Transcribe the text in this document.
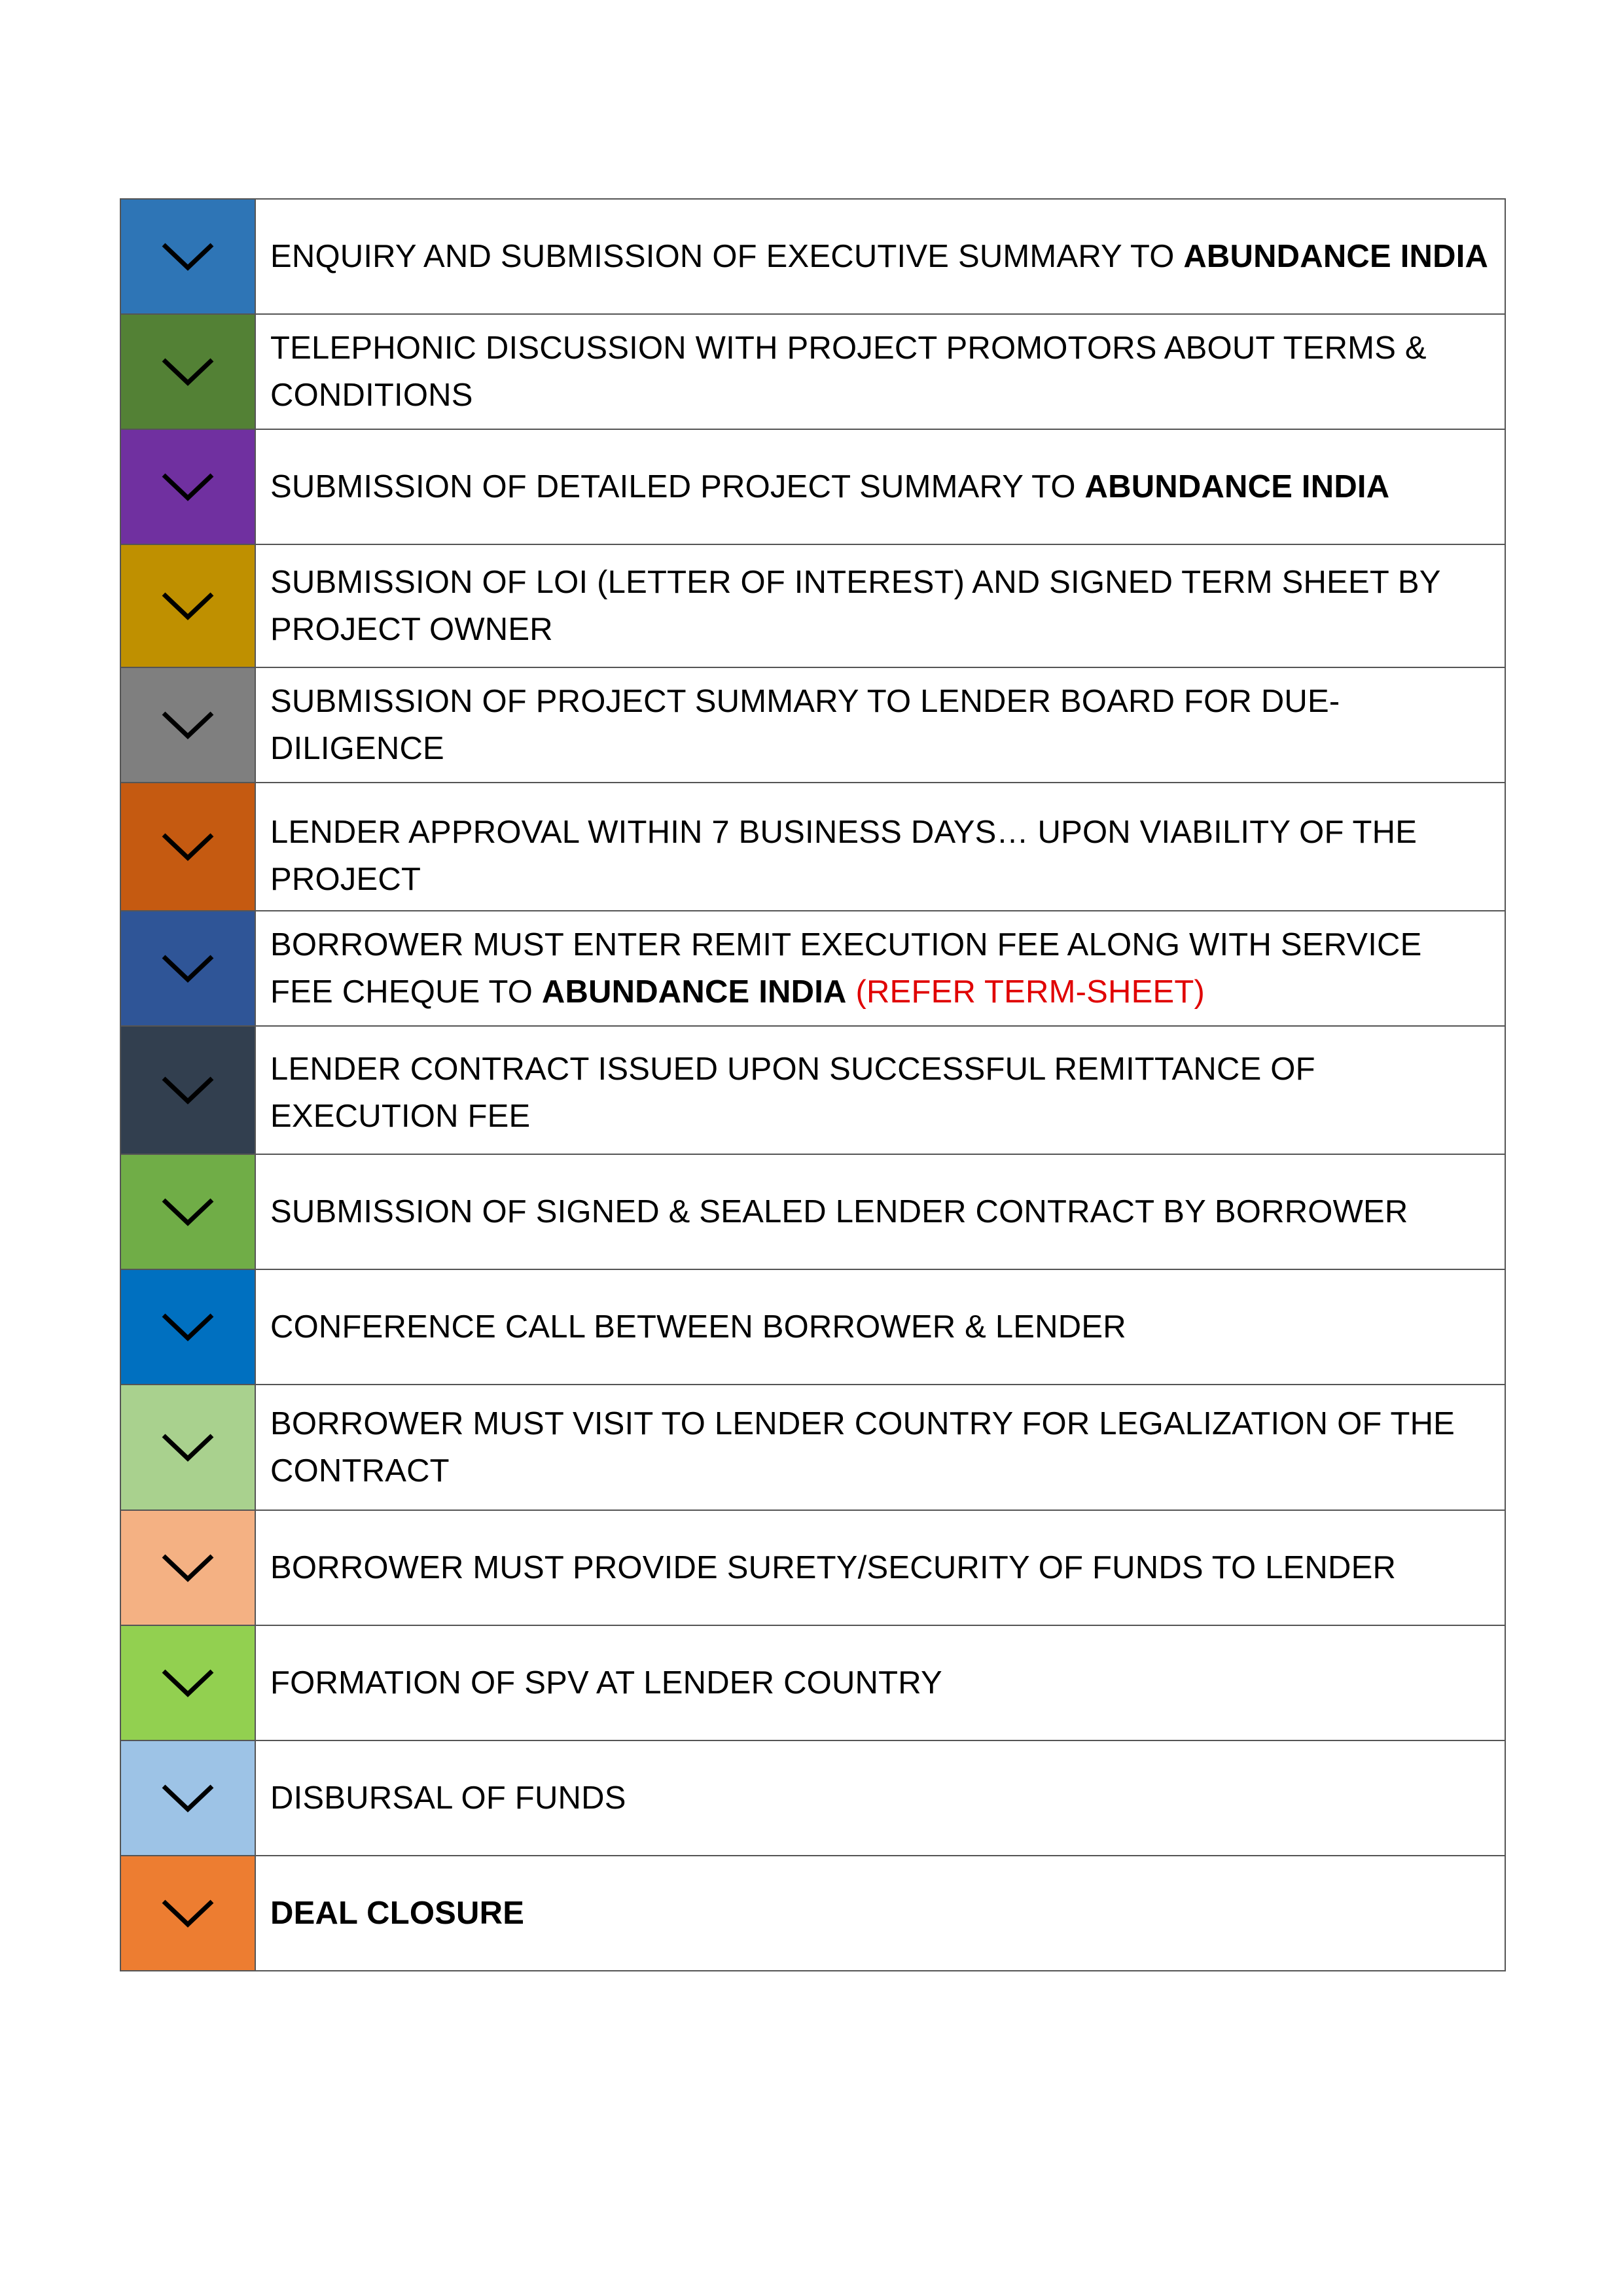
ENQUIRY AND SUBMISSION OF EXECUTIVE SUMMARY TO ABUNDANCE INDIA

TELEPHONIC DISCUSSION WITH PROJECT PROMOTORS ABOUT TERMS & CONDITIONS

SUBMISSION OF DETAILED PROJECT SUMMARY TO ABUNDANCE INDIA

SUBMISSION OF LOI (LETTER OF INTEREST) AND SIGNED TERM SHEET BY PROJECT OWNER

SUBMISSION OF PROJECT SUMMARY TO LENDER BOARD FOR DUE-DILIGENCE

LENDER APPROVAL WITHIN 7 BUSINESS DAYS… UPON VIABILITY OF THE PROJECT

BORROWER MUST ENTER REMIT EXECUTION FEE ALONG WITH SERVICE FEE CHEQUE TO ABUNDANCE INDIA (REFER TERM-SHEET)

LENDER CONTRACT ISSUED UPON SUCCESSFUL REMITTANCE OF EXECUTION FEE

SUBMISSION OF SIGNED & SEALED LENDER CONTRACT BY BORROWER

CONFERENCE CALL BETWEEN BORROWER & LENDER

BORROWER MUST VISIT TO LENDER COUNTRY FOR LEGALIZATION OF THE CONTRACT

BORROWER MUST PROVIDE SURETY/SECURITY OF FUNDS TO LENDER

FORMATION OF SPV AT LENDER COUNTRY

DISBURSAL OF FUNDS

DEAL CLOSURE
